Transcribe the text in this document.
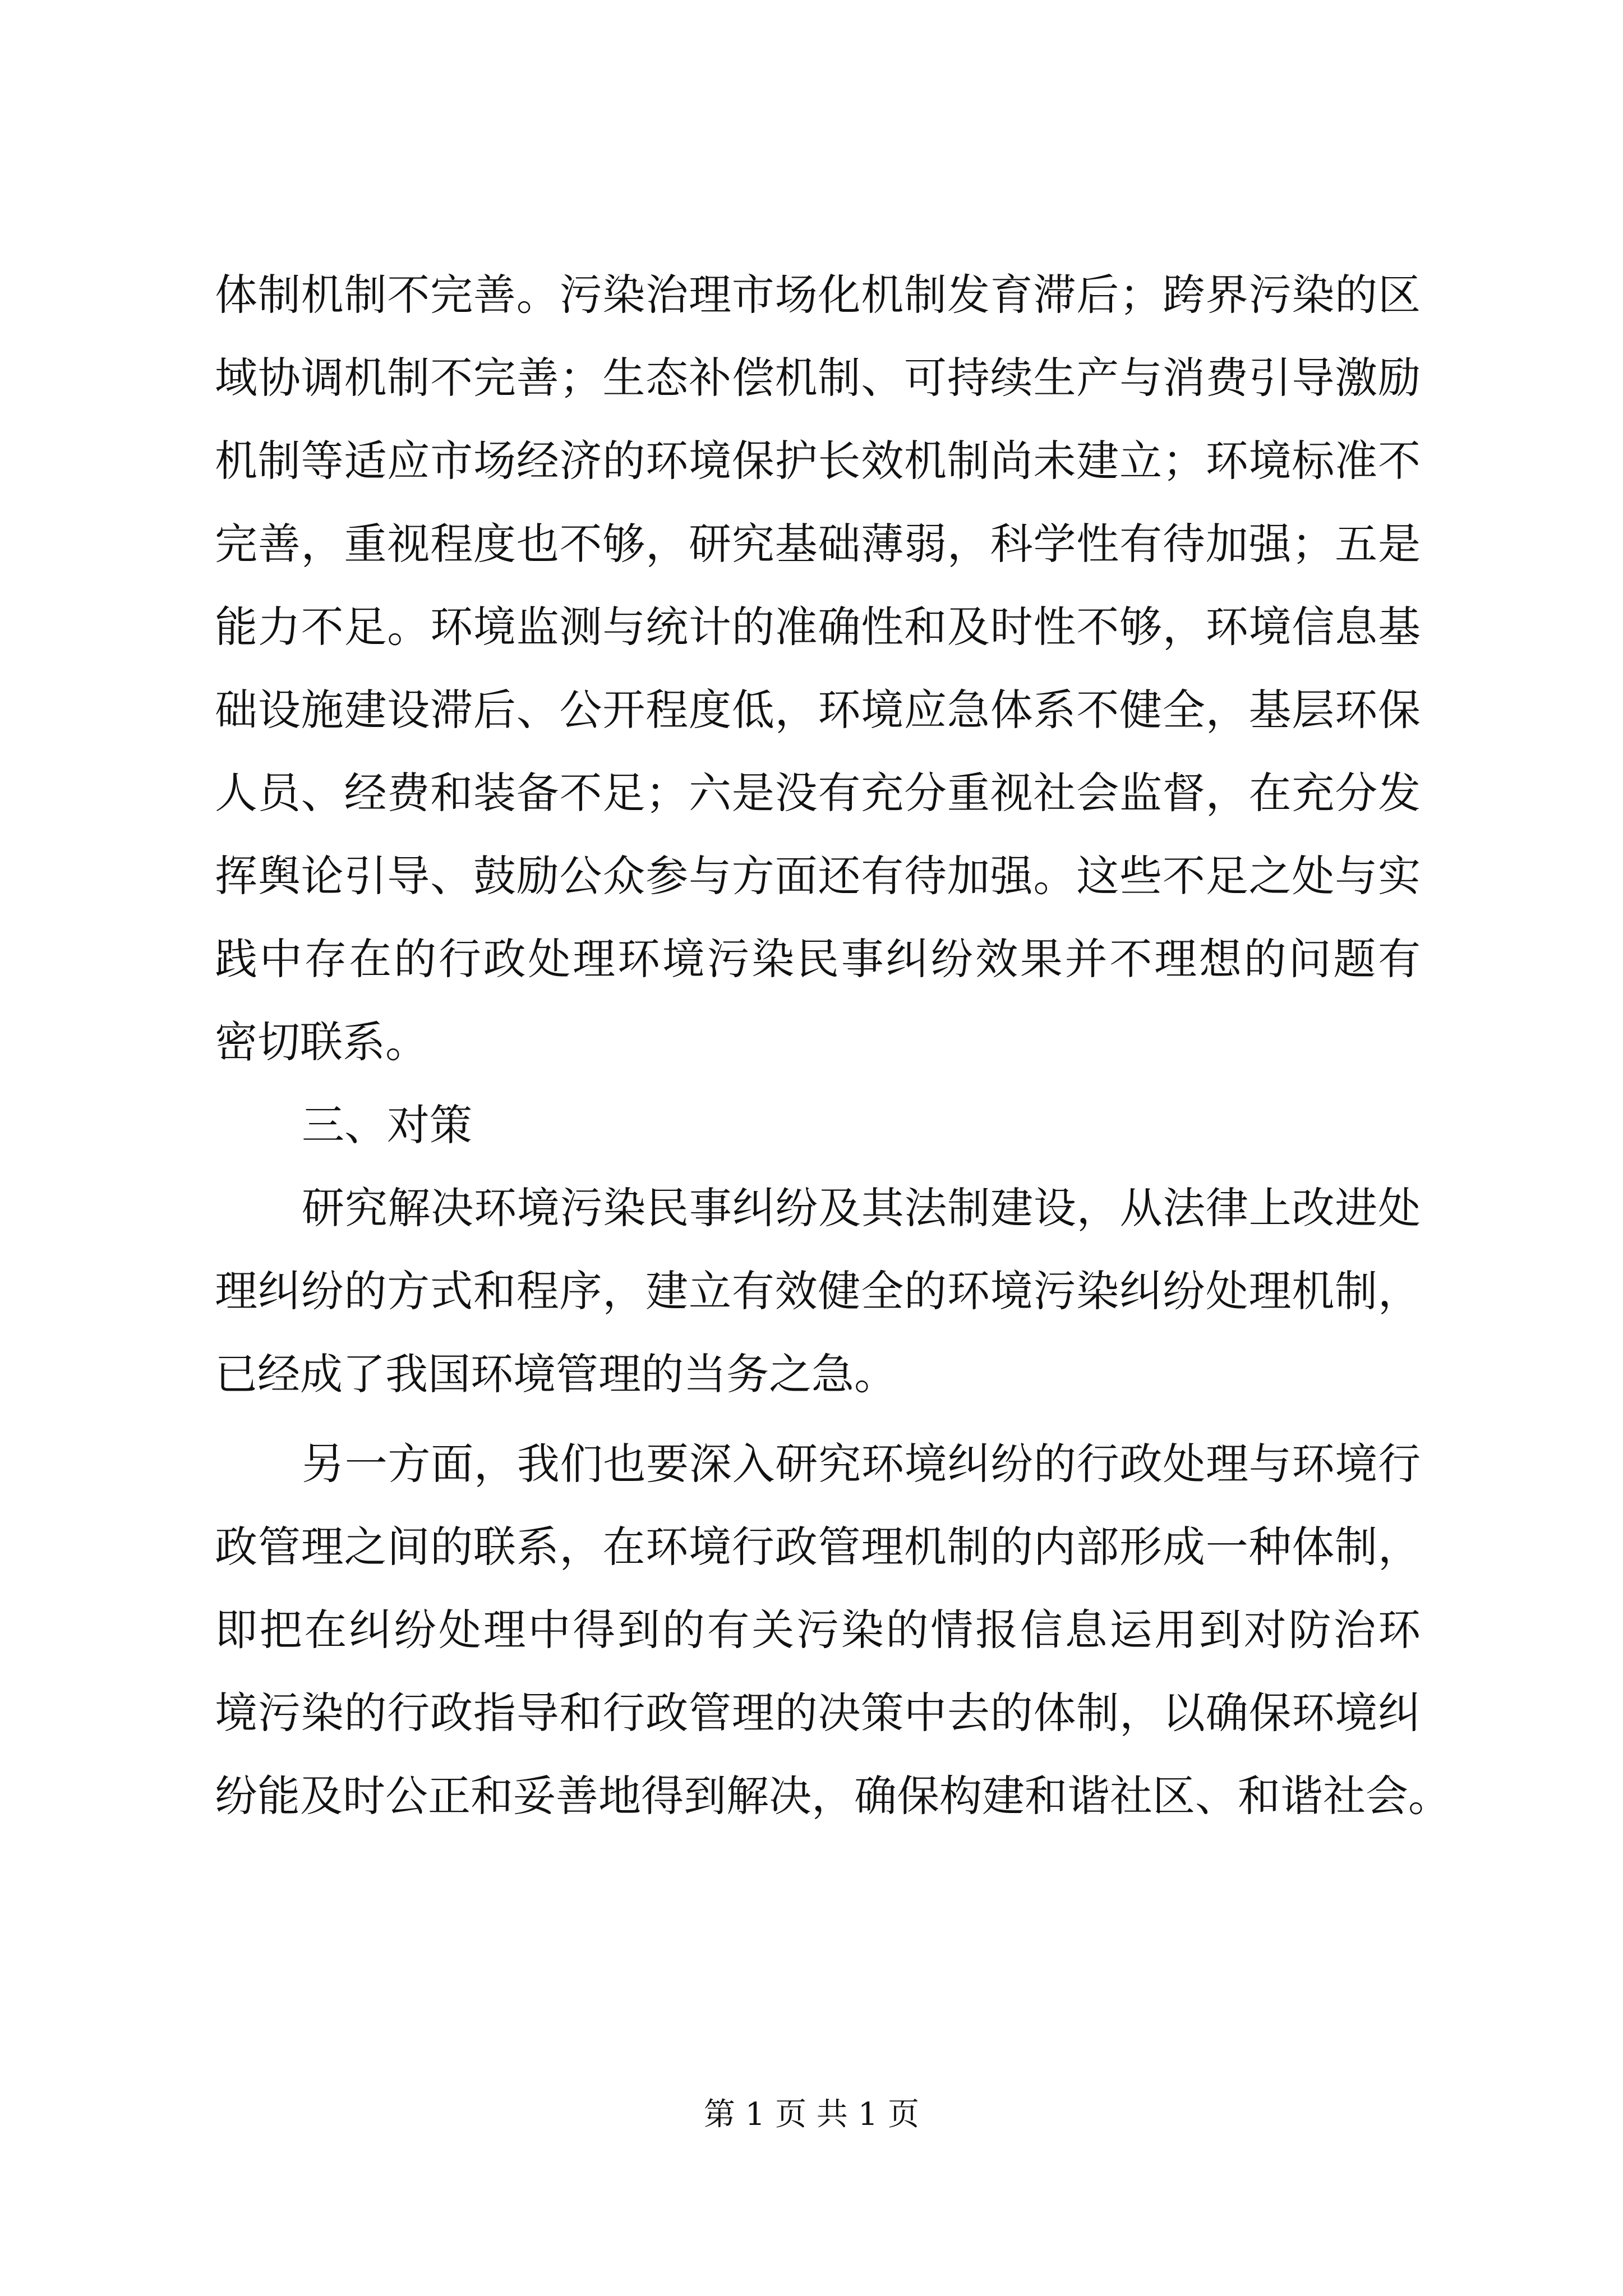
体制机制不完善。污染治理市场化机制发育滞后；跨界污染的区
域协调机制不完善；生态补偿机制、可持续生产与消费引导激励
机制等适应市场经济的环境保护长效机制尚未建立；环境标准不
完善，重视程度也不够，研究基础薄弱，科学性有待加强；五是
能力不足。环境监测与统计的准确性和及时性不够，环境信息基
础设施建设滞后、公开程度低，环境应急体系不健全，基层环保
人员、经费和装备不足；六是没有充分重视社会监督，在充分发
挥舆论引导、鼓励公众参与方面还有待加强。这些不足之处与实
践中存在的行政处理环境污染民事纠纷效果并不理想的问题有
密切联系。
三、对策
研究解决环境污染民事纠纷及其法制建设，从法律上改进处
理纠纷的方式和程序，建立有效健全的环境污染纠纷处理机制，
已经成了我国环境管理的当务之急。
另一方面，我们也要深入研究环境纠纷的行政处理与环境行
政管理之间的联系，在环境行政管理机制的内部形成一种体制，
即把在纠纷处理中得到的有关污染的情报信息运用到对防治环
境污染的行政指导和行政管理的决策中去的体制，以确保环境纠
纷能及时公正和妥善地得到解决，确保构建和谐社区、和谐社会。
第 1 页 共 1 页
